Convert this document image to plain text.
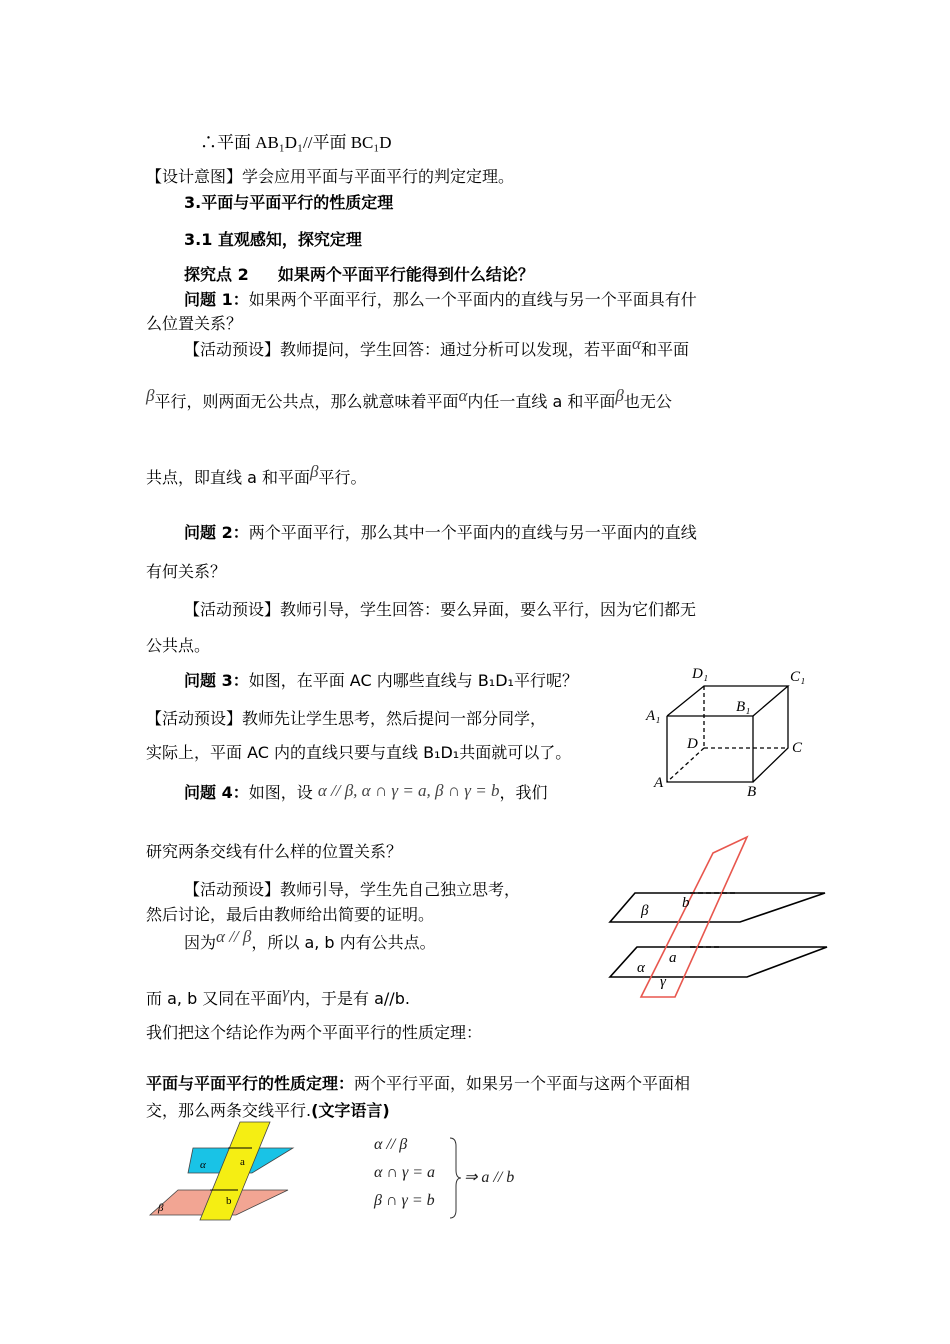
∴平面 AB₁D₁//平面 BC₁D
【设计意图】学会应用平面与平面平行的判定定理。
3.平面与平面平行的性质定理
3.1 直观感知，探究定理
探究点 2 如果两个平面平行能得到什么结论？
问题 1：如果两个平面平行，那么一个平面内的直线与另一个平面具有什
么位置关系？
【活动预设】教师提问，学生回答：通过分析可以发现，若平面α和平面
β平行，则两面无公共点，那么就意味着平面α内任一直线 a 和平面β也无公
共点，即直线 a 和平面β平行。
问题 2：两个平面平行，那么其中一个平面内的直线与另一平面内的直线
有何关系？
【活动预设】教师引导，学生回答：要么异面，要么平行，因为它们都无
公共点。
问题 3：如图，在平面 AC 内哪些直线与 B₁D₁平行呢？
【活动预设】教师先让学生思考，然后提问一部分同学，
实际上，平面 AC 内的直线只要与直线 B₁D₁共面就可以了。
D₁	C₁
B₁
A₁
D	C
A
B
问题 4：如图，设 α // β, α ∩ γ = a, β ∩ γ = b，我们
研究两条交线有什么样的位置关系？
【活动预设】教师引导，学生先自己独立思考，
然后讨论，最后由教师给出简要的证明。
因为α // β，所以 a, b 内有公共点。
而 a, b 又同在平面γ内，于是有 a//b.
β b
α
a
γ
我们把这个结论作为两个平面平行的性质定理：
平面与平面平行的性质定理：两个平行平面，如果另一个平面与这两个平面相
交，那么两条交线平行.(文字语言)
a
α
b
β
α // β
α ∩ γ = a
β ∩ γ = b
⇒ a // b
